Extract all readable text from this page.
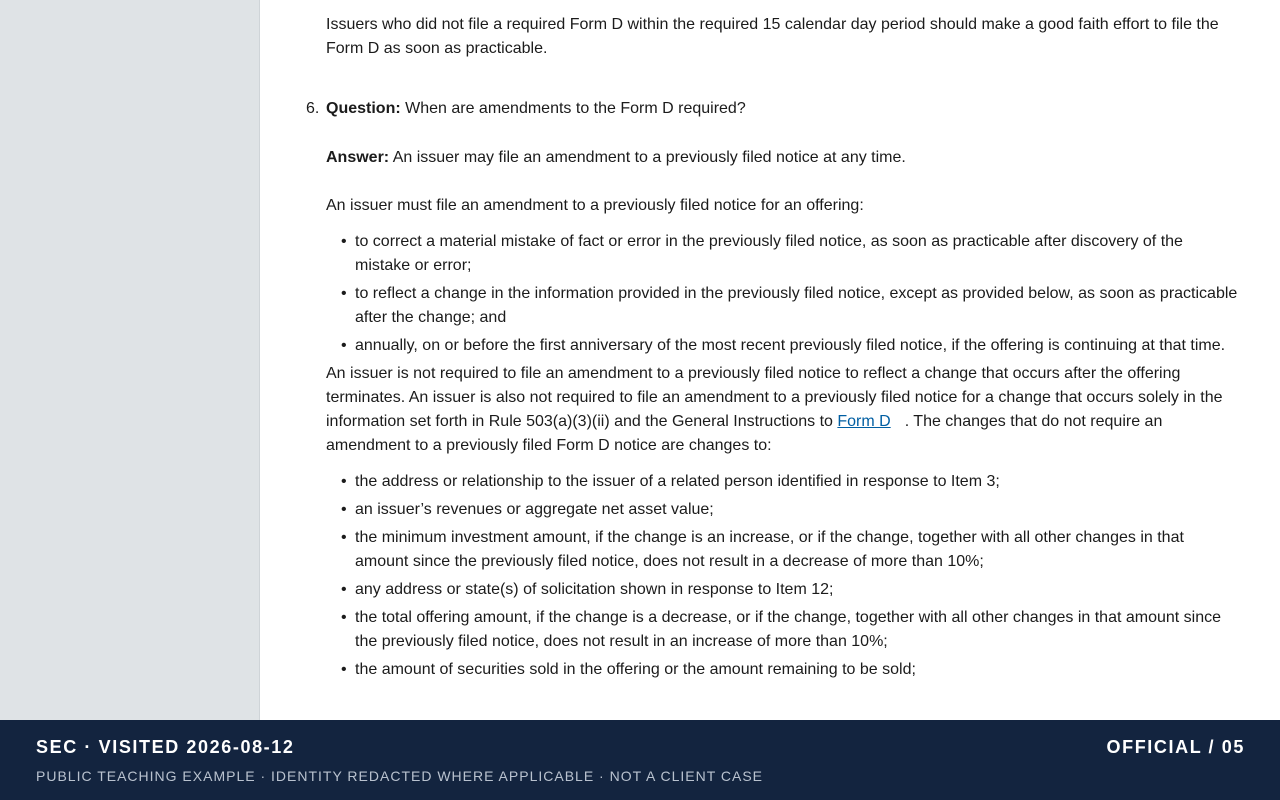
Issuers who did not file a required Form D within the required 15 calendar day period should make a good faith effort to file the Form D as soon as practicable.

6. Question: When are amendments to the Form D required?

Answer: An issuer may file an amendment to a previously filed notice at any time.

An issuer must file an amendment to a previously filed notice for an offering:

• to correct a material mistake of fact or error in the previously filed notice, as soon as practicable after discovery of the mistake or error;
• to reflect a change in the information provided in the previously filed notice, except as provided below, as soon as practicable after the change; and
• annually, on or before the first anniversary of the most recent previously filed notice, if the offering is continuing at that time.

An issuer is not required to file an amendment to a previously filed notice to reflect a change that occurs after the offering terminates. An issuer is also not required to file an amendment to a previously filed notice for a change that occurs solely in the information set forth in Rule 503(a)(3)(ii) and the General Instructions to Form D . The changes that do not require an amendment to a previously filed Form D notice are changes to:

• the address or relationship to the issuer of a related person identified in response to Item 3;
• an issuer’s revenues or aggregate net asset value;
• the minimum investment amount, if the change is an increase, or if the change, together with all other changes in that amount since the previously filed notice, does not result in a decrease of more than 10%;
• any address or state(s) of solicitation shown in response to Item 12;
• the total offering amount, if the change is a decrease, or if the change, together with all other changes in that amount since the previously filed notice, does not result in an increase of more than 10%;
• the amount of securities sold in the offering or the amount remaining to be sold;
SEC · VISITED 2026-08-12	OFFICIAL / 05
PUBLIC TEACHING EXAMPLE · IDENTITY REDACTED WHERE APPLICABLE · NOT A CLIENT CASE
